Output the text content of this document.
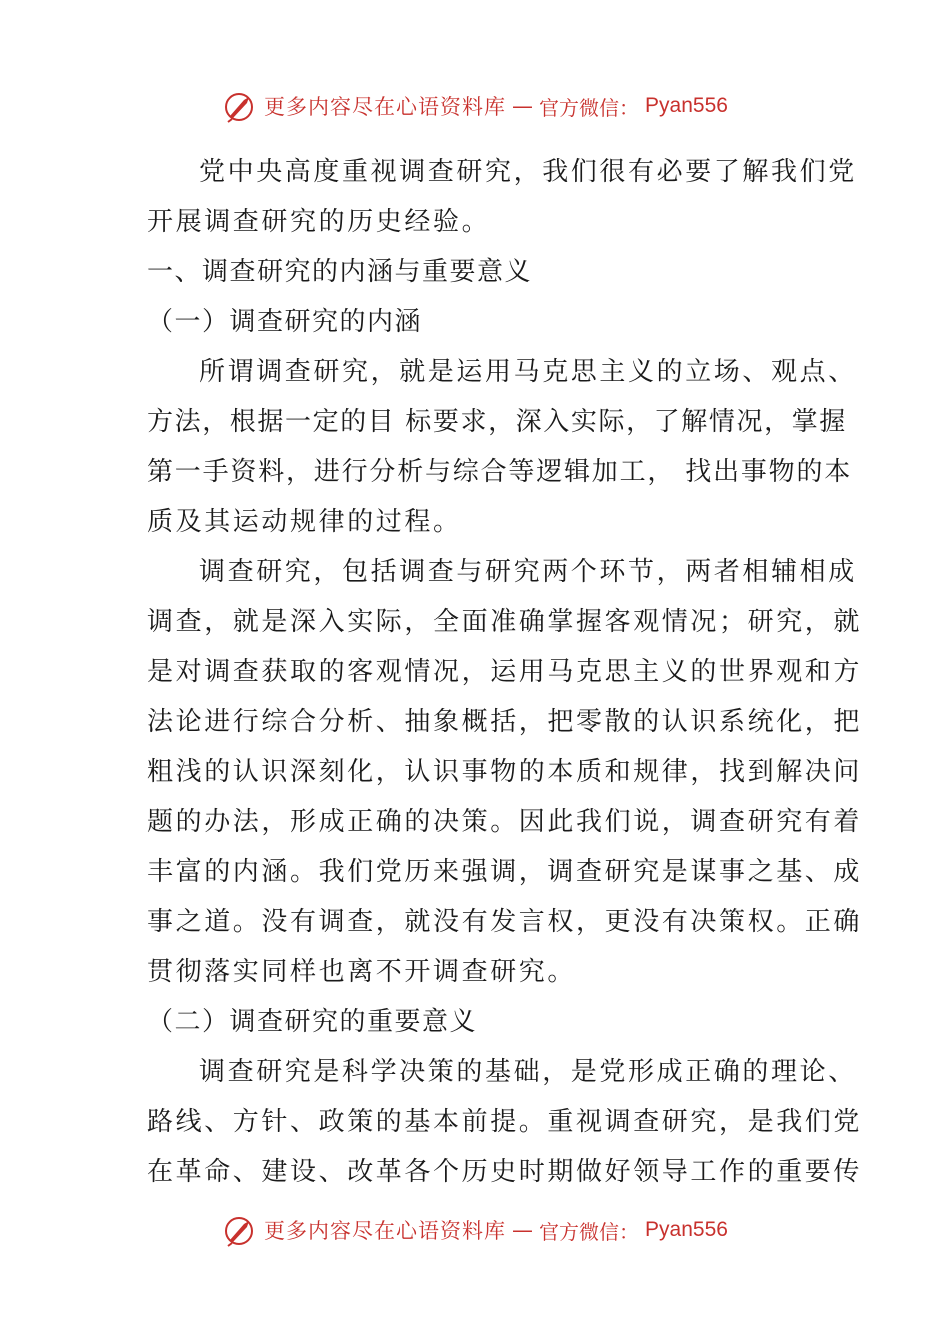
更多内容尽在心语资料库 — 官方微信： Pyan556
党中央高度重视调查研究，我们很有必要了解我们党
开展调查研究的历史经验。
一、调查研究的内涵与重要意义
（一）调查研究的内涵
所谓调查研究，就是运用马克思主义的立场、观点、
方法，根据一定的目 标要求，深入实际，了解情况，掌握
第一手资料，进行分析与综合等逻辑加工， 找出事物的本
质及其运动规律的过程。
调查研究，包括调查与研究两个环节，两者相辅相成
调查，就是深入实际，全面准确掌握客观情况；研究，就
是对调查获取的客观情况，运用马克思主义的世界观和方
法论进行综合分析、抽象概括，把零散的认识系统化，把
粗浅的认识深刻化，认识事物的本质和规律，找到解决问
题的办法，形成正确的决策。因此我们说，调查研究有着
丰富的内涵。我们党历来强调，调查研究是谋事之基、成
事之道。没有调查，就没有发言权，更没有决策权。正确
贯彻落实同样也离不开调查研究。
（二）调查研究的重要意义
调查研究是科学决策的基础，是党形成正确的理论、
路线、方针、政策的基本前提。重视调查研究，是我们党
在革命、建设、改革各个历史时期做好领导工作的重要传
更多内容尽在心语资料库 — 官方微信： Pyan556
